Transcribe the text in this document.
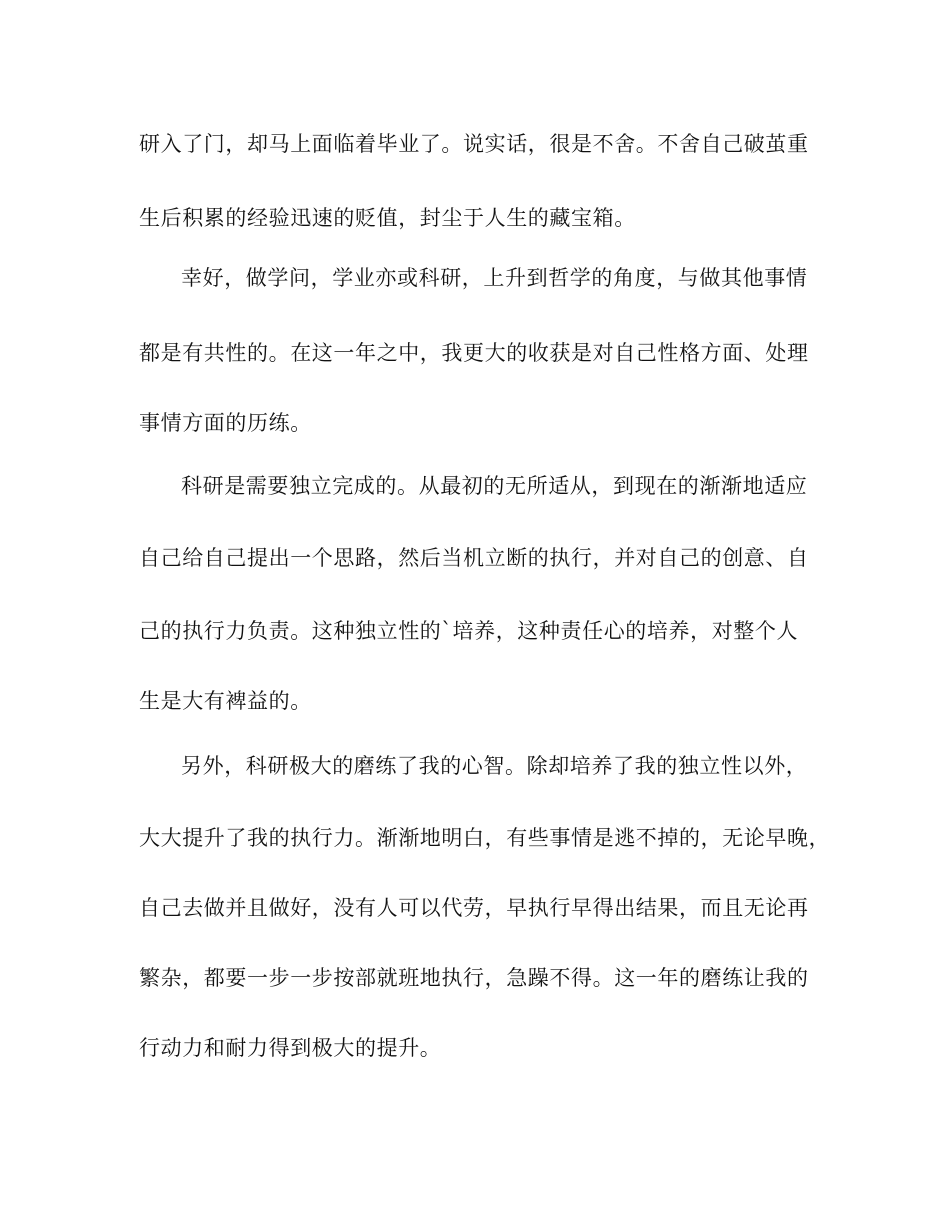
研入了门，却马上面临着毕业了。说实话，很是不舍。不舍自己破茧重

生后积累的经验迅速的贬值，封尘于人生的藏宝箱。

幸好，做学问，学业亦或科研，上升到哲学的角度，与做其他事情

都是有共性的。在这一年之中，我更大的收获是对自己性格方面、处理

事情方面的历练。

科研是需要独立完成的。从最初的无所适从，到现在的渐渐地适应

自己给自己提出一个思路，然后当机立断的执行，并对自己的创意、自

己的执行力负责。这种独立性的`培养，这种责任心的培养，对整个人

生是大有裨益的。

另外，科研极大的磨练了我的心智。除却培养了我的独立性以外，

大大提升了我的执行力。渐渐地明白，有些事情是逃不掉的，无论早晚，

自己去做并且做好，没有人可以代劳，早执行早得出结果，而且无论再

繁杂，都要一步一步按部就班地执行，急躁不得。这一年的磨练让我的

行动力和耐力得到极大的提升。
